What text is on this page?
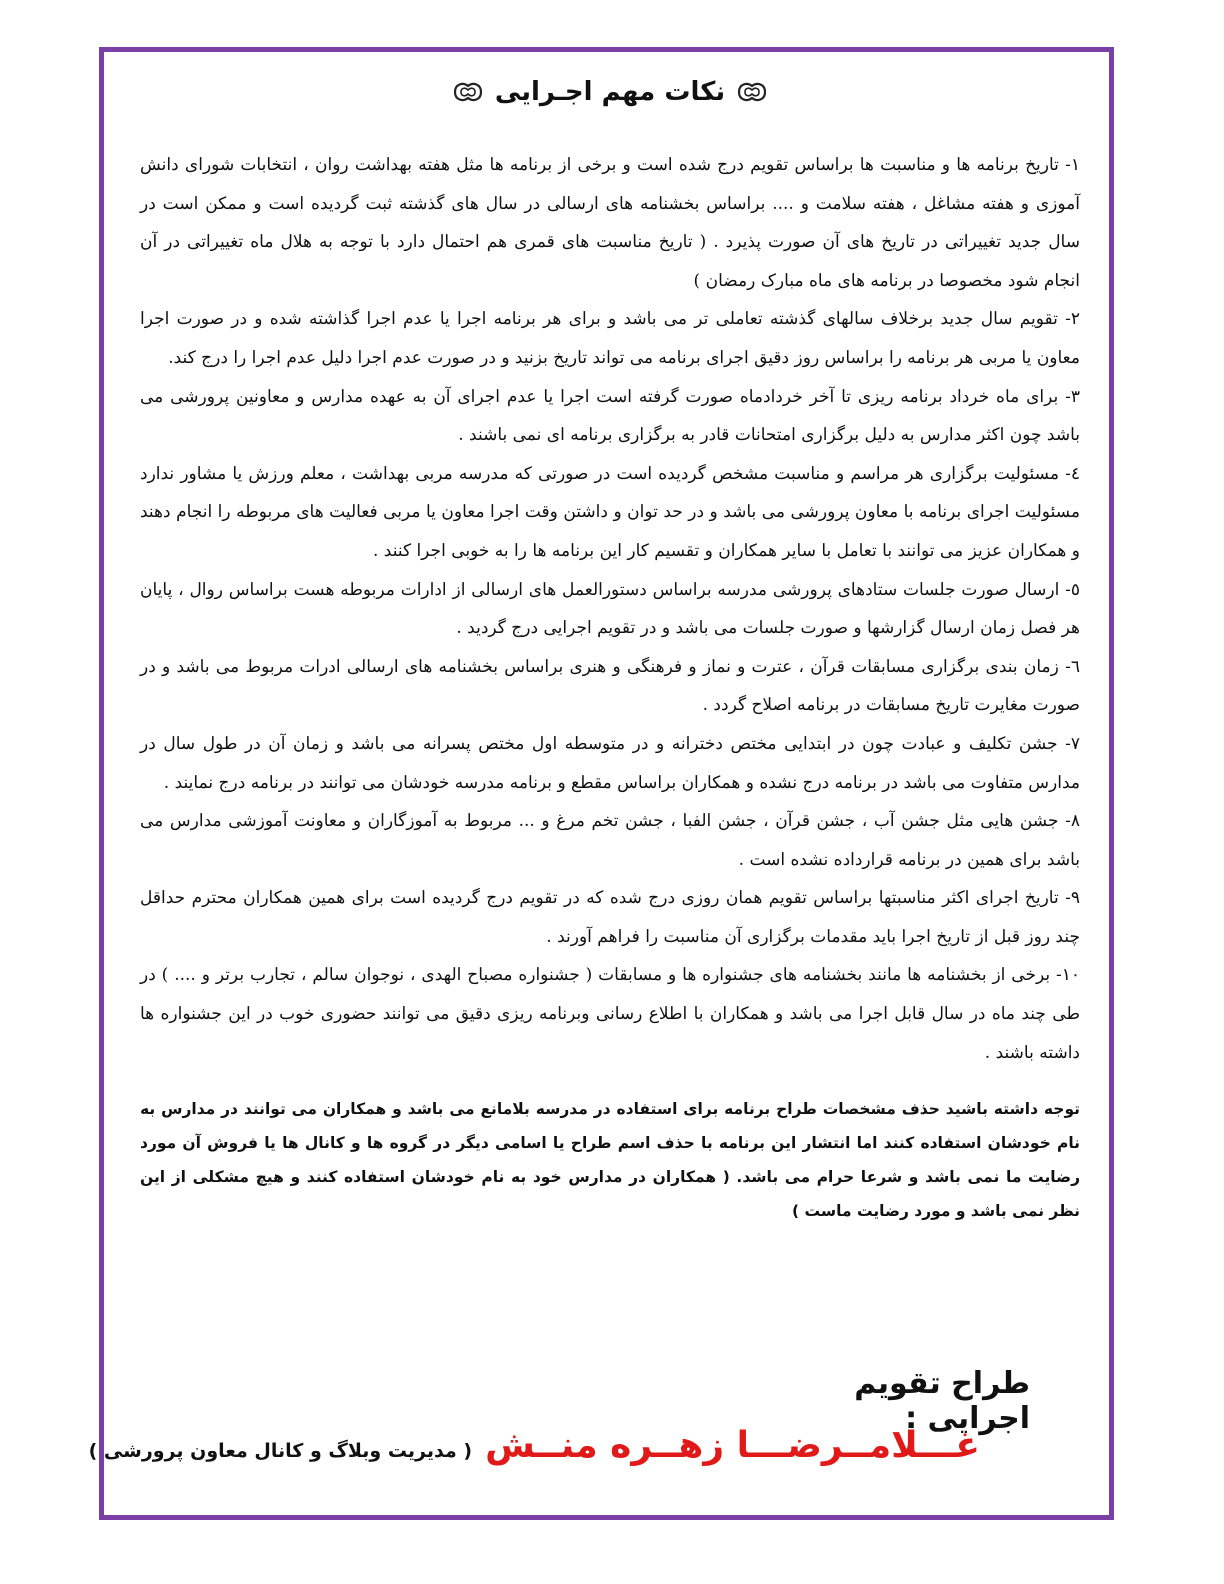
نکات مهم اجـرایی

۱- تاریخ برنامه ها و مناسبت ها براساس تقویم درج شده است و برخی از برنامه ها مثل هفته بهداشت روان ، انتخابات شورای دانش آموزی و هفته مشاغل ، هفته سلامت و .... براساس بخشنامه های ارسالی در سال های گذشته ثبت گردیده است و ممکن است در سال جدید تغییراتی در تاریخ های آن صورت پذیرد . ( تاریخ مناسبت های قمری هم احتمال دارد با توجه به هلال ماه تغییراتی در آن انجام شود مخصوصا در برنامه های ماه مبارک رمضان )

۲- تقویم سال جدید برخلاف سالهای گذشته تعاملی تر می باشد و برای هر برنامه اجرا یا عدم اجرا گذاشته شده و در صورت اجرا معاون یا مربی هر برنامه را براساس روز دقیق اجرای برنامه می تواند تاریخ بزنید و در صورت عدم اجرا دلیل عدم اجرا را درج کند.

۳- برای ماه خرداد برنامه ریزی تا آخر خردادماه صورت گرفته است اجرا یا عدم اجرای آن به عهده مدارس و معاونین پرورشی می باشد چون اکثر مدارس به دلیل برگزاری امتحانات قادر به برگزاری برنامه ای نمی باشند .

٤- مسئولیت برگزاری هر مراسم و مناسبت مشخص گردیده است در صورتی که مدرسه مربی بهداشت ، معلم ورزش یا مشاور ندارد مسئولیت اجرای برنامه با معاون پرورشی می باشد و در حد توان و داشتن وقت اجرا معاون یا مربی فعالیت های مربوطه را انجام دهند و همکاران عزیز می توانند با تعامل با سایر همکاران و تقسیم کار این برنامه ها را به خوبی اجرا کنند .

٥- ارسال صورت جلسات ستادهای پرورشی مدرسه براساس دستورالعمل های ارسالی از ادارات مربوطه هست براساس روال ، پایان هر فصل زمان ارسال گزارشها و صورت جلسات می باشد و در تقویم اجرایی درج گردید .

٦- زمان بندی برگزاری مسابقات قرآن ، عترت و نماز و فرهنگی و هنری براساس بخشنامه های ارسالی ادرات مربوط می باشد و در صورت مغایرت تاریخ مسابقات در برنامه اصلاح گردد .

۷- جشن تکلیف و عبادت چون در ابتدایی مختص دخترانه و در متوسطه اول مختص پسرانه می باشد و زمان آن در طول سال در مدارس متفاوت می باشد در برنامه درج نشده و همکاران براساس مقطع و برنامه مدرسه خودشان می توانند در برنامه درج نمایند .

۸- جشن هایی مثل جشن آب ، جشن قرآن ، جشن الفبا ، جشن تخم مرغ و ... مربوط به آموزگاران و معاونت آموزشی مدارس می باشد برای همین در برنامه قرارداده نشده است .

۹- تاریخ اجرای اکثر مناسبتها براساس تقویم همان روزی درج شده که در تقویم درج گردیده است برای همین همکاران محترم حداقل چند روز قبل از تاریخ اجرا باید مقدمات برگزاری آن مناسبت را فراهم آورند .

۱۰- برخی از بخشنامه ها مانند بخشنامه های جشنواره ها و مسابقات ( جشنواره مصباح الهدی ، نوجوان سالم ، تجارب برتر و .... ) در طی چند ماه در سال قابل اجرا می باشد و همکاران با اطلاع رسانی وبرنامه ریزی دقیق می توانند حضوری خوب در این جشنواره ها داشته باشند .

توجه داشته باشید حذف مشخصات طراح برنامه برای استفاده در مدرسه بلامانع می باشد و همکاران می توانند در مدارس به نام خودشان استفاده کنند اما انتشار این برنامه با حذف اسم طراح یا اسامی دیگر در گروه ها و کانال ها یا فروش آن مورد رضایت ما نمی باشد و شرعا حرام می باشد. ( همکاران در مدارس خود به نام خودشان استفاده کنند و هیچ مشکلی از این نظر نمی باشد و مورد رضایت ماست )
طراح تقویم اجرایی :
غـــلامــرضـــا زهــره منــش ( مدیریت وبلاگ و کانال معاون پرورشی )
